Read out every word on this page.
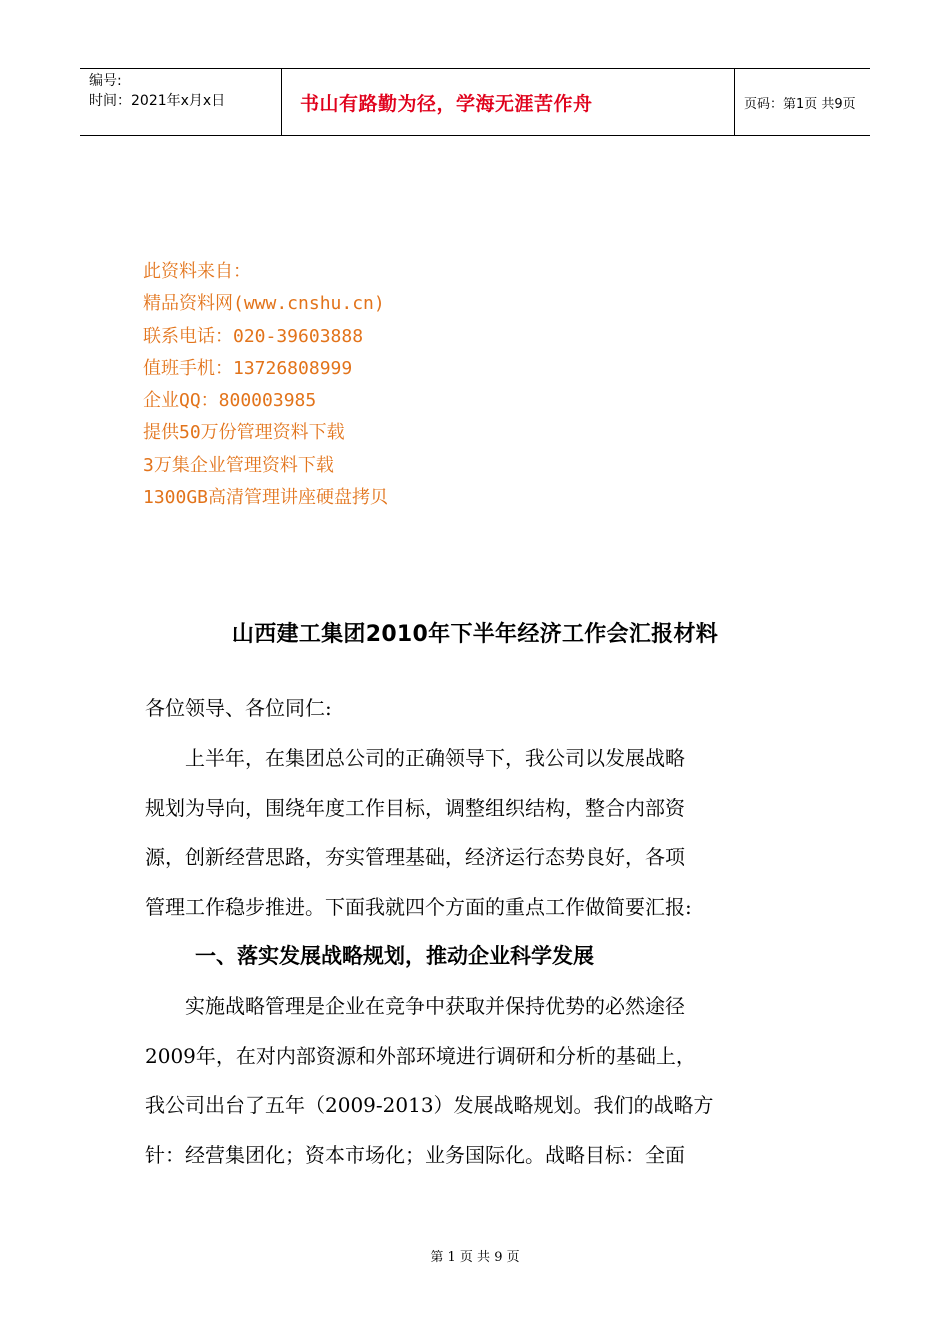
编号:
时间：2021年x月x日	书山有路勤为径，学海无涯苦作舟	页码：第1页 共9页
此资料来自：
精品资料网(www.cnshu.cn)
联系电话：020-39603888
值班手机：13726808999
企业QQ：800003985
提供50万份管理资料下载
3万集企业管理资料下载
1300GB高清管理讲座硬盘拷贝
山西建工集团2010年下半年经济工作会汇报材料
各位领导、各位同仁:
　　上半年，在集团总公司的正确领导下，我公司以发展战略
规划为导向，围绕年度工作目标，调整组织结构，整合内部资
源，创新经营思路，夯实管理基础，经济运行态势良好，各项
管理工作稳步推进。下面我就四个方面的重点工作做简要汇报:
一、落实发展战略规划，推动企业科学发展
　　实施战略管理是企业在竞争中获取并保持优势的必然途径
2009年，在对内部资源和外部环境进行调研和分析的基础上，
我公司出台了五年（2009-2013）发展战略规划。我们的战略方
针：经营集团化；资本市场化；业务国际化。战略目标：全面
第 1 页 共 9 页
